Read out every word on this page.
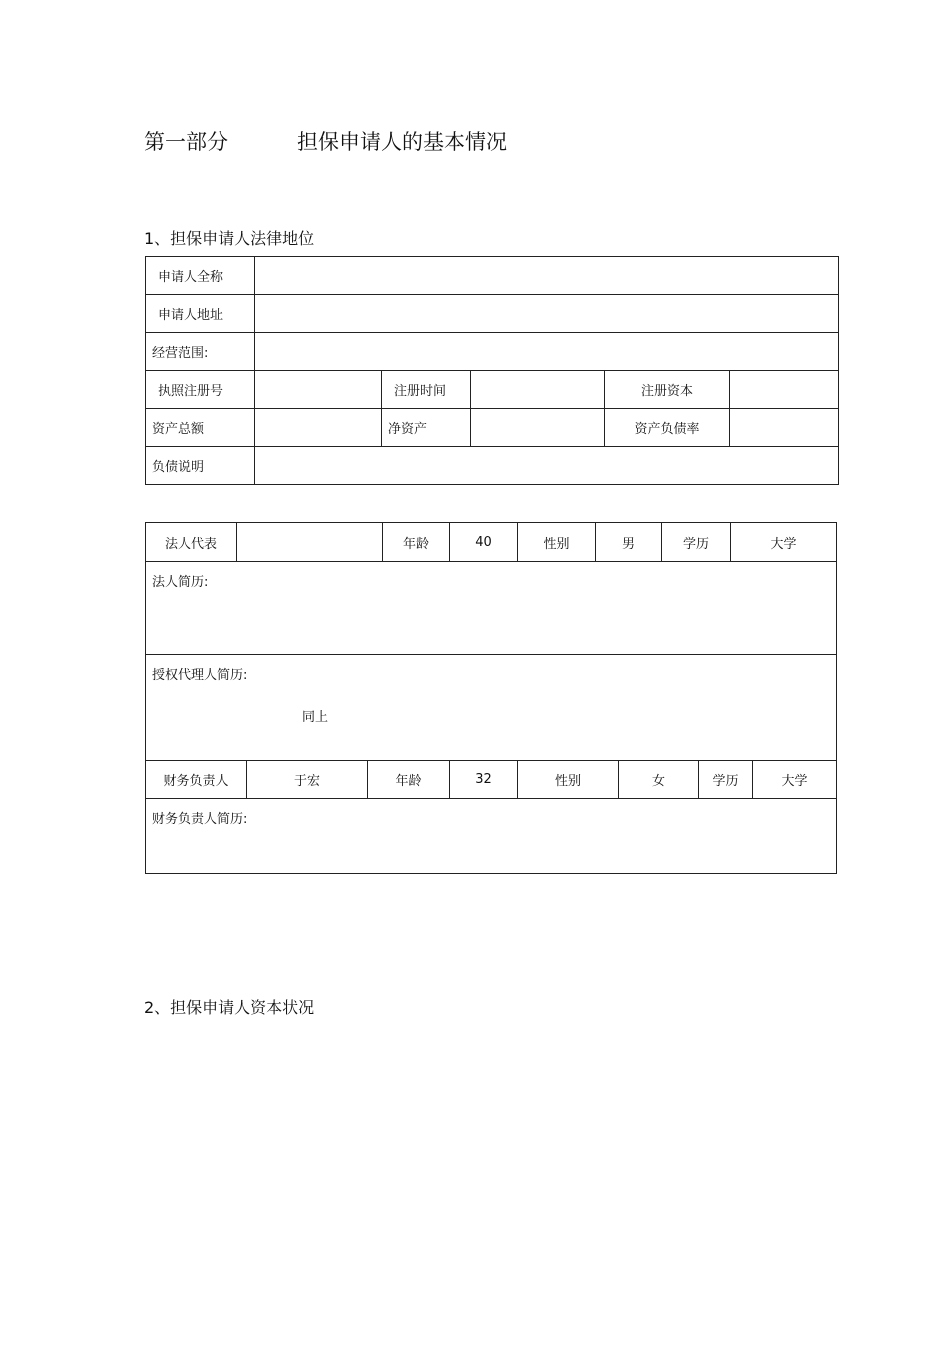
第一部分	担保申请人的基本情况
1、担保申请人法律地位
申请人全称					
申请人地址					
经营范围:					
执照注册号		注册时间		注册资本	
资产总额		净资产		资产负债率	
负债说明					
法人代表		年龄	40	性别	男	学历	大学
法人简历:
授权代理人简历:
同上
财务负责人	于宏	年龄	32	性别	女	学历	大学
财务负责人简历:
2、担保申请人资本状况
